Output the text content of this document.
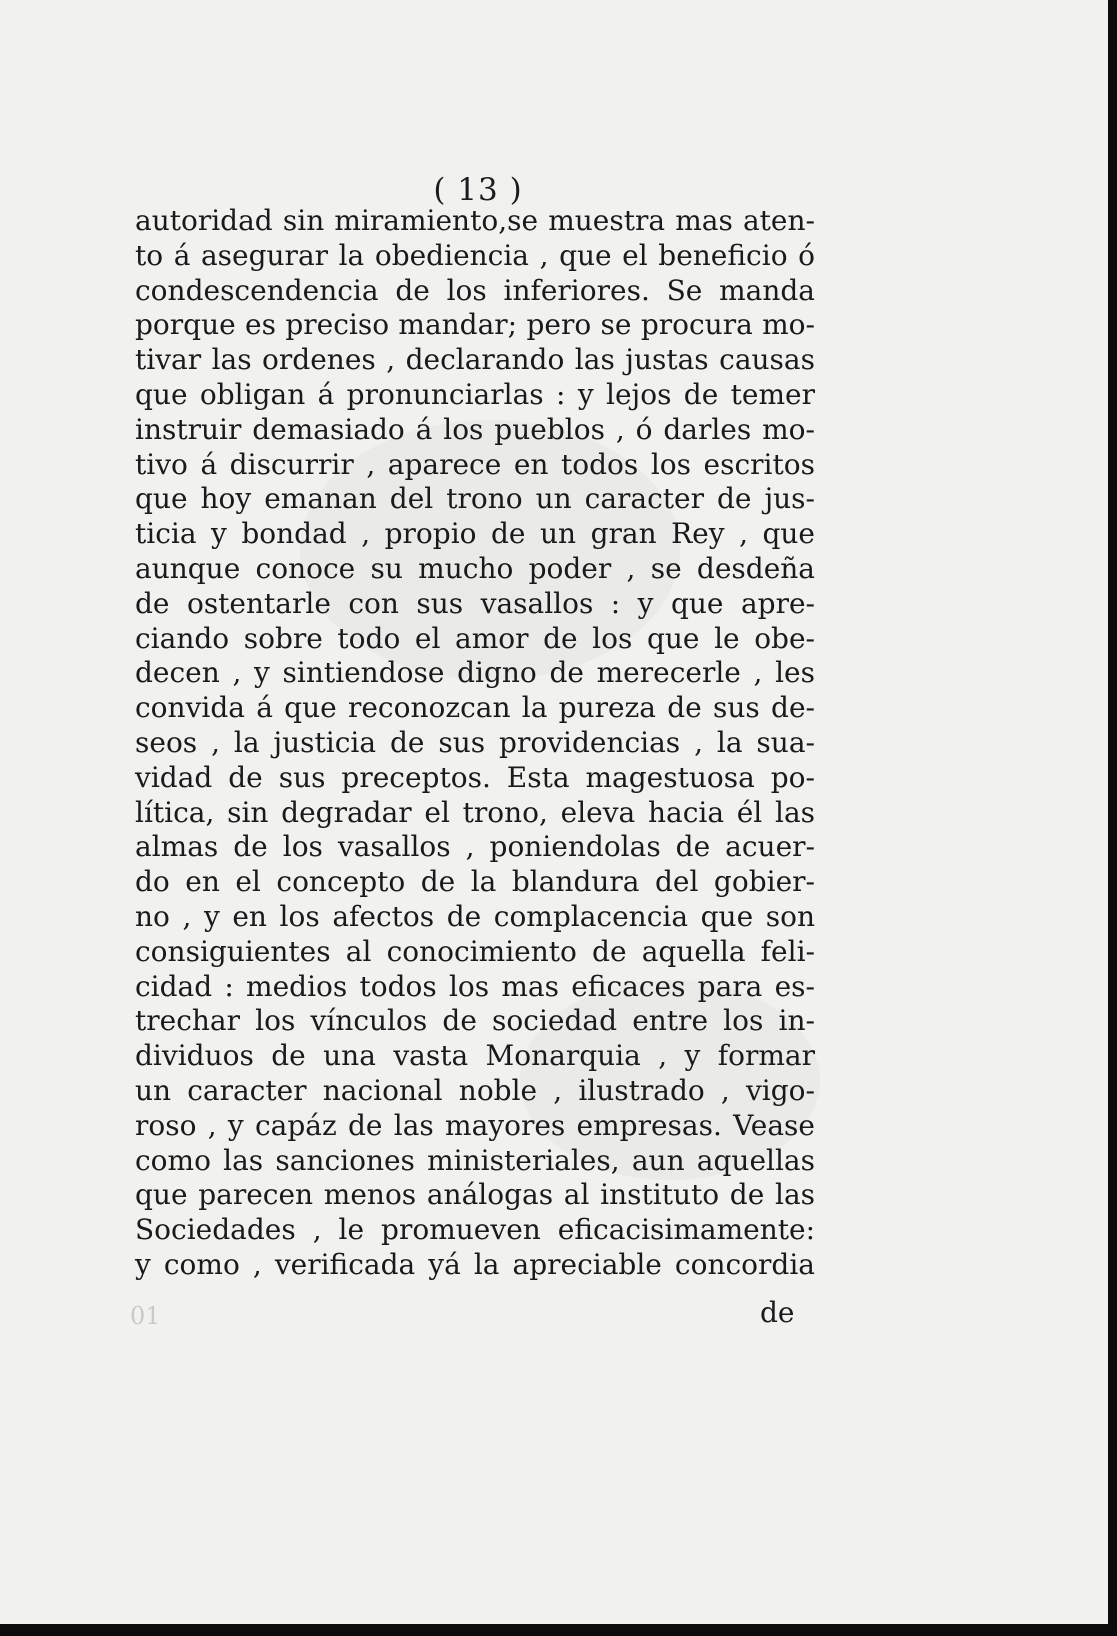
( 13 )
autoridad sin miramiento,se muestra mas aten-
to á asegurar la obediencia , que el beneficio ó
condescendencia de los inferiores. Se manda
porque es preciso mandar; pero se procura mo-
tivar las ordenes , declarando las justas causas
que obligan á pronunciarlas : y lejos de temer
instruir demasiado á los pueblos , ó darles mo-
tivo á discurrir , aparece en todos los escritos
que hoy emanan del trono un caracter de jus-
ticia y bondad , propio de un gran Rey , que
aunque conoce su mucho poder , se desdeña
de ostentarle con sus vasallos : y que apre-
ciando sobre todo el amor de los que le obe-
decen , y sintiendose digno de merecerle , les
convida á que reconozcan la pureza de sus de-
seos , la justicia de sus providencias , la sua-
vidad de sus preceptos. Esta magestuosa po-
lítica, sin degradar el trono, eleva hacia él las
almas de los vasallos , poniendolas de acuer-
do en el concepto de la blandura del gobier-
no , y en los afectos de complacencia que son
consiguientes al conocimiento de aquella feli-
cidad : medios todos los mas eficaces para es-
trechar los vínculos de sociedad entre los in-
dividuos de una vasta Monarquia , y formar
un caracter nacional noble , ilustrado , vigo-
roso , y capáz de las mayores empresas. Vease
como las sanciones ministeriales, aun aquellas
que parecen menos análogas al instituto de las
Sociedades , le promueven eficacisimamente:
y como , verificada yá la apreciable concordia
01	de
